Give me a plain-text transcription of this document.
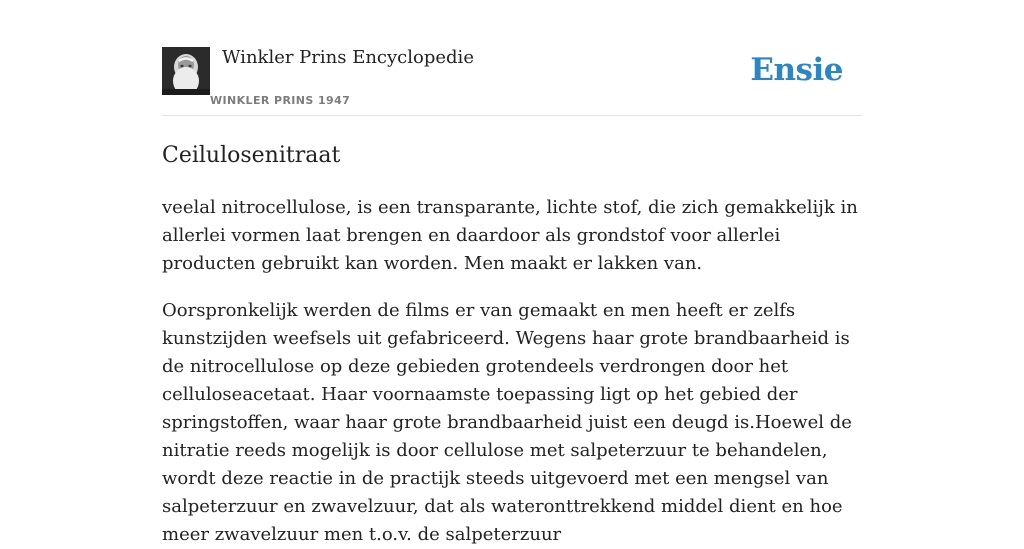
Winkler Prins Encyclopedie
WINKLER PRINS 1947
Ensie
Ceilulosenitraat

veelal nitrocellulose, is een transparante, lichte stof, die zich gemakkelijk in allerlei vormen laat brengen en daardoor als grondstof voor allerlei producten gebruikt kan worden. Men maakt er lakken van.

Oorspronkelijk werden de films er van gemaakt en men heeft er zelfs kunstzijden weefsels uit gefabriceerd. Wegens haar grote brandbaarheid is de nitrocellulose op deze gebieden grotendeels verdrongen door het celluloseacetaat. Haar voornaamste toepassing ligt op het gebied der springstoffen, waar haar grote brandbaarheid juist een deugd is.Hoewel de nitratie reeds mogelijk is door cellulose met salpeterzuur te behandelen, wordt deze reactie in de practijk steeds uitgevoerd met een mengsel van salpeterzuur en zwavelzuur, dat als wateronttrekkend middel dient en hoe meer zwavelzuur men t.o.v. de salpeterzuur
